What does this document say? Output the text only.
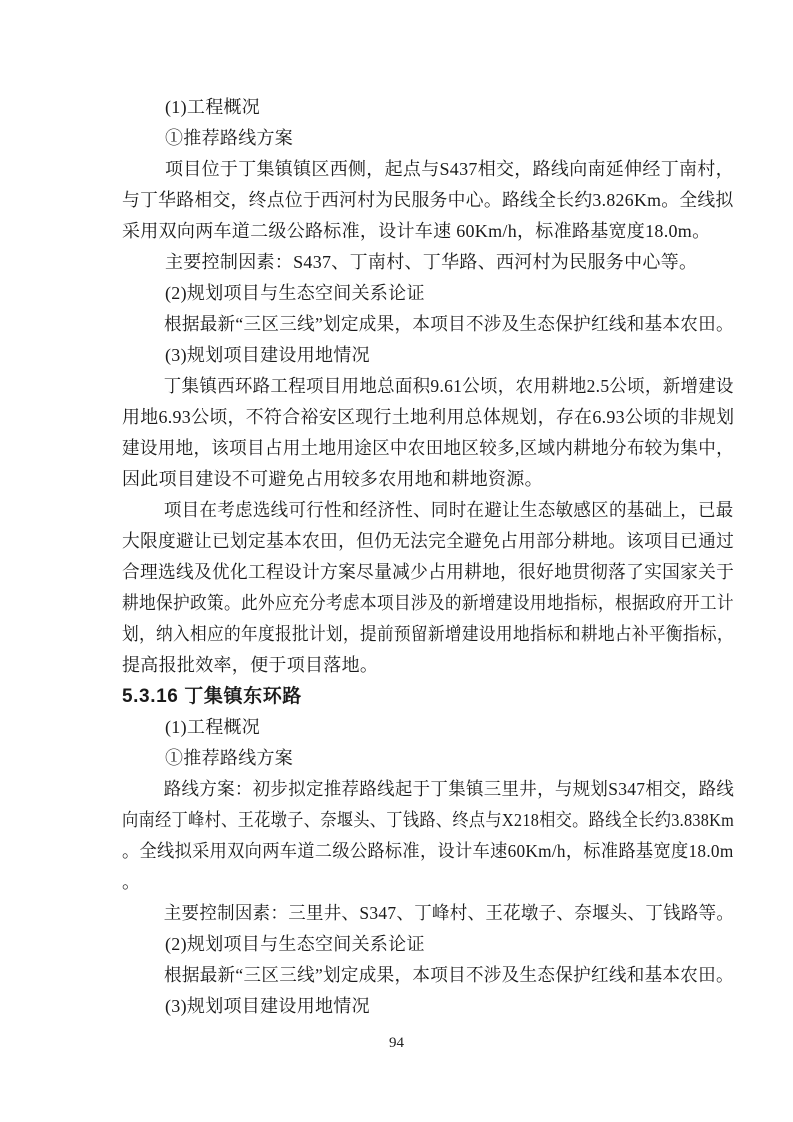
(1)工程概况
①推荐路线方案
项目位于丁集镇镇区西侧，起点与S437相交，路线向南延伸经丁南村，
与丁华路相交，终点位于西河村为民服务中心。路线全长约3.826Km。全线拟
采用双向两车道二级公路标准，设计车速 60Km/h，标准路基宽度18.0m。
主要控制因素：S437、丁南村、丁华路、西河村为民服务中心等。
(2)规划项目与生态空间关系论证
根据最新“三区三线”划定成果，本项目不涉及生态保护红线和基本农田。
(3)规划项目建设用地情况
丁集镇西环路工程项目用地总面积9.61公顷，农用耕地2.5公顷，新增建设
用地6.93公顷，不符合裕安区现行土地利用总体规划，存在6.93公顷的非规划
建设用地，该项目占用土地用途区中农田地区较多,区域内耕地分布较为集中，
因此项目建设不可避免占用较多农用地和耕地资源。
项目在考虑选线可行性和经济性、同时在避让生态敏感区的基础上，已最
大限度避让已划定基本农田，但仍无法完全避免占用部分耕地。该项目已通过
合理选线及优化工程设计方案尽量减少占用耕地，很好地贯彻落了实国家关于
耕地保护政策。此外应充分考虑本项目涉及的新增建设用地指标，根据政府开工计
划，纳入相应的年度报批计划，提前预留新增建设用地指标和耕地占补平衡指标，
提高报批效率，便于项目落地。
5.3.16 丁集镇东环路
(1)工程概况
①推荐路线方案
路线方案：初步拟定推荐路线起于丁集镇三里井，与规划S347相交，路线
向南经丁峰村、王花墩子、奈堰头、丁钱路、终点与X218相交。路线全长约3.838Km
。全线拟采用双向两车道二级公路标准，设计车速60Km/h，标准路基宽度18.0m
。
主要控制因素：三里井、S347、丁峰村、王花墩子、奈堰头、丁钱路等。
(2)规划项目与生态空间关系论证
根据最新“三区三线”划定成果，本项目不涉及生态保护红线和基本农田。
(3)规划项目建设用地情况
94
